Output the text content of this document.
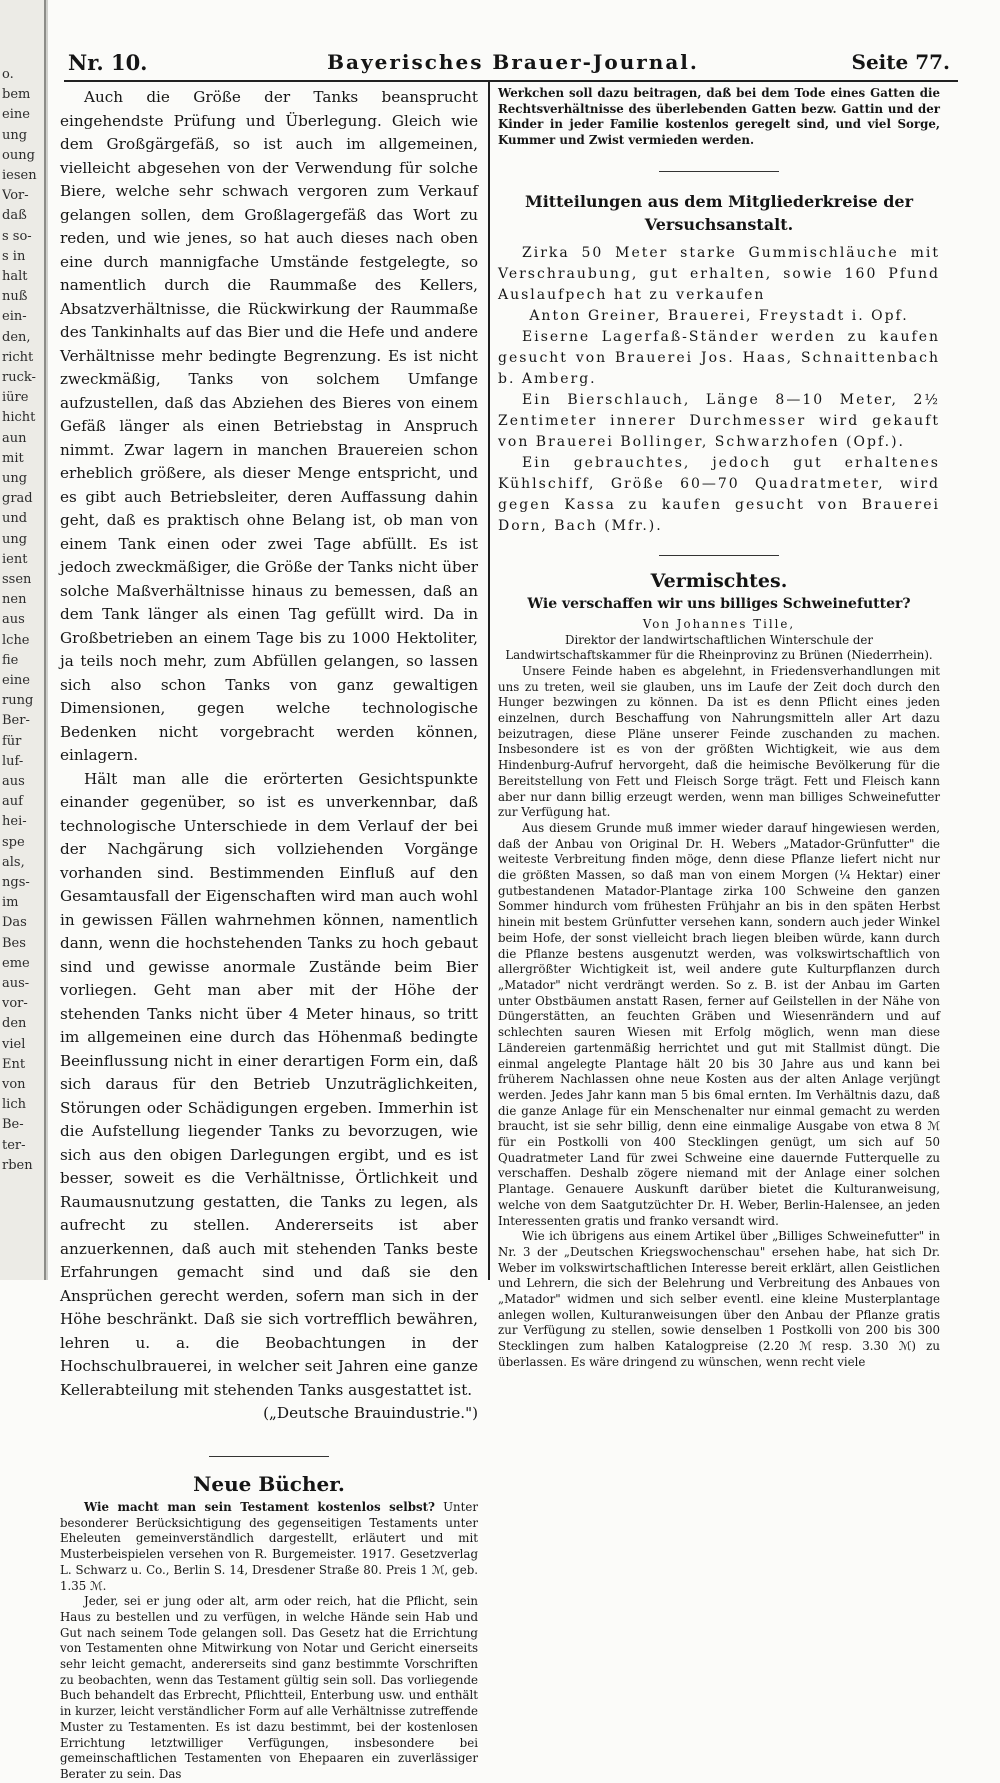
o.
bem
eine
ung
oung
iesen
Vor-
daß
s so-
s in
halt
nuß
ein-
den,
richt
ruck-
iüre
hicht
aun
mit
ung
grad
und
ung
ient
ssen
nen
aus
lche
fie
eine
rung
Ber-
für
luf-
aus
auf
hei-
spe
als,
ngs-
im
Das
Bes
eme
aus-
vor-
den
viel
Ent
von
lich
Be-
ter-
rben
Nr. 10.	Bayerisches Brauer-Journal.	Seite 77.

Auch die Größe der Tanks beansprucht eingehendste Prüfung und Überlegung. Gleich wie dem Großgärgefäß, so ist auch im allgemeinen, vielleicht abgesehen von der Verwendung für solche Biere, welche sehr schwach vergoren zum Verkauf gelangen sollen, dem Großlagergefäß das Wort zu reden, und wie jenes, so hat auch dieses nach oben eine durch mannigfache Umstände festgelegte, so namentlich durch die Raummaße des Kellers, Absatzverhältnisse, die Rückwirkung der Raummaße des Tankinhalts auf das Bier und die Hefe und andere Verhältnisse mehr bedingte Begrenzung. Es ist nicht zweckmäßig, Tanks von solchem Umfange aufzustellen, daß das Abziehen des Bieres von einem Gefäß länger als einen Betriebstag in Anspruch nimmt. Zwar lagern in manchen Brauereien schon erheblich größere, als dieser Menge entspricht, und es gibt auch Betriebsleiter, deren Auffassung dahin geht, daß es praktisch ohne Belang ist, ob man von einem Tank einen oder zwei Tage abfüllt. Es ist jedoch zweckmäßiger, die Größe der Tanks nicht über solche Maßverhältnisse hinaus zu bemessen, daß an dem Tank länger als einen Tag gefüllt wird. Da in Großbetrieben an einem Tage bis zu 1000 Hektoliter, ja teils noch mehr, zum Abfüllen gelangen, so lassen sich also schon Tanks von ganz gewaltigen Dimensionen, gegen welche technologische Bedenken nicht vorgebracht werden können, einlagern.

Hält man alle die erörterten Gesichtspunkte einander gegenüber, so ist es unverkennbar, daß technologische Unterschiede in dem Verlauf der bei der Nachgärung sich vollziehenden Vorgänge vorhanden sind. Bestimmenden Einfluß auf den Gesamtausfall der Eigenschaften wird man auch wohl in gewissen Fällen wahrnehmen können, namentlich dann, wenn die hochstehenden Tanks zu hoch gebaut sind und gewisse anormale Zustände beim Bier vorliegen. Geht man aber mit der Höhe der stehenden Tanks nicht über 4 Meter hinaus, so tritt im allgemeinen eine durch das Höhenmaß bedingte Beeinflussung nicht in einer derartigen Form ein, daß sich daraus für den Betrieb Unzuträglichkeiten, Störungen oder Schädigungen ergeben. Immerhin ist die Aufstellung liegender Tanks zu bevorzugen, wie sich aus den obigen Darlegungen ergibt, und es ist besser, soweit es die Verhältnisse, Örtlichkeit und Raumausnutzung gestatten, die Tanks zu legen, als aufrecht zu stellen. Andererseits ist aber anzuerkennen, daß auch mit stehenden Tanks beste Erfahrungen gemacht sind und daß sie den Ansprüchen gerecht werden, sofern man sich in der Höhe beschränkt. Daß sie sich vortrefflich bewähren, lehren u. a. die Beobachtungen in der Hochschulbrauerei, in welcher seit Jahren eine ganze Kellerabteilung mit stehenden Tanks ausgestattet ist.

(„Deutsche Brauindustrie.")

Neue Bücher.

Wie macht man sein Testament kostenlos selbst? Unter besonderer Berücksichtigung des gegenseitigen Testaments unter Eheleuten gemeinverständlich dargestellt, erläutert und mit Musterbeispielen versehen von R. Burgemeister. 1917. Gesetzverlag L. Schwarz u. Co., Berlin S. 14, Dresdener Straße 80. Preis 1 ℳ, geb. 1.35 ℳ.

Jeder, sei er jung oder alt, arm oder reich, hat die Pflicht, sein Haus zu bestellen und zu verfügen, in welche Hände sein Hab und Gut nach seinem Tode gelangen soll. Das Gesetz hat die Errichtung von Testamenten ohne Mitwirkung von Notar und Gericht einerseits sehr leicht gemacht, andererseits sind ganz bestimmte Vorschriften zu beobachten, wenn das Testament gültig sein soll. Das vorliegende Buch behandelt das Erbrecht, Pflichtteil, Enterbung usw. und enthält in kurzer, leicht verständlicher Form auf alle Verhältnisse zutreffende Muster zu Testamenten. Es ist dazu bestimmt, bei der kostenlosen Errichtung letztwilliger Verfügungen, insbesondere bei gemeinschaftlichen Testamenten von Ehepaaren ein zuverlässiger Berater zu sein. Das

Werkchen soll dazu beitragen, daß bei dem Tode eines Gatten die Rechtsverhältnisse des überlebenden Gatten bezw. Gattin und der Kinder in jeder Familie kostenlos geregelt sind, und viel Sorge, Kummer und Zwist vermieden werden.

Mitteilungen aus dem Mitgliederkreise der Versuchsanstalt.

Zirka 50 Meter starke Gummischläuche mit Verschraubung, gut erhalten, sowie 160 Pfund Auslaufpech hat zu verkaufen

Anton Greiner, Brauerei, Freystadt i. Opf.

Eiserne Lagerfaß-Ständer werden zu kaufen gesucht von Brauerei Jos. Haas, Schnaittenbach b. Amberg.

Ein Bierschlauch, Länge 8—10 Meter, 2½ Zentimeter innerer Durchmesser wird gekauft von Brauerei Bollinger, Schwarzhofen (Opf.).

Ein gebrauchtes, jedoch gut erhaltenes Kühlschiff, Größe 60—70 Quadratmeter, wird gegen Kassa zu kaufen gesucht von Brauerei Dorn, Bach (Mfr.).

Vermischtes.

Wie verschaffen wir uns billiges Schweinefutter?

Von Johannes Tille,

Direktor der landwirtschaftlichen Winterschule der Landwirtschaftskammer für die Rheinprovinz zu Brünen (Niederrhein).

Unsere Feinde haben es abgelehnt, in Friedensverhandlungen mit uns zu treten, weil sie glauben, uns im Laufe der Zeit doch durch den Hunger bezwingen zu können. Da ist es denn Pflicht eines jeden einzelnen, durch Beschaffung von Nahrungsmitteln aller Art dazu beizutragen, diese Pläne unserer Feinde zuschanden zu machen. Insbesondere ist es von der größten Wichtigkeit, wie aus dem Hindenburg-Aufruf hervorgeht, daß die heimische Bevölkerung für die Bereitstellung von Fett und Fleisch Sorge trägt. Fett und Fleisch kann aber nur dann billig erzeugt werden, wenn man billiges Schweinefutter zur Verfügung hat.

Aus diesem Grunde muß immer wieder darauf hingewiesen werden, daß der Anbau von Original Dr. H. Webers „Matador-Grünfutter" die weiteste Verbreitung finden möge, denn diese Pflanze liefert nicht nur die größten Massen, so daß man von einem Morgen (¼ Hektar) einer gutbestandenen Matador-Plantage zirka 100 Schweine den ganzen Sommer hindurch vom frühesten Frühjahr an bis in den späten Herbst hinein mit bestem Grünfutter versehen kann, sondern auch jeder Winkel beim Hofe, der sonst vielleicht brach liegen bleiben würde, kann durch die Pflanze bestens ausgenutzt werden, was volkswirtschaftlich von allergrößter Wichtigkeit ist, weil andere gute Kulturpflanzen durch „Matador" nicht verdrängt werden. So z. B. ist der Anbau im Garten unter Obstbäumen anstatt Rasen, ferner auf Geilstellen in der Nähe von Düngerstätten, an feuchten Gräben und Wiesenrändern und auf schlechten sauren Wiesen mit Erfolg möglich, wenn man diese Ländereien gartenmäßig herrichtet und gut mit Stallmist düngt. Die einmal angelegte Plantage hält 20 bis 30 Jahre aus und kann bei früherem Nachlassen ohne neue Kosten aus der alten Anlage verjüngt werden. Jedes Jahr kann man 5 bis 6mal ernten. Im Verhältnis dazu, daß die ganze Anlage für ein Menschenalter nur einmal gemacht zu werden braucht, ist sie sehr billig, denn eine einmalige Ausgabe von etwa 8 ℳ für ein Postkolli von 400 Stecklingen genügt, um sich auf 50 Quadratmeter Land für zwei Schweine eine dauernde Futterquelle zu verschaffen. Deshalb zögere niemand mit der Anlage einer solchen Plantage. Genauere Auskunft darüber bietet die Kulturanweisung, welche von dem Saatgutzüchter Dr. H. Weber, Berlin-Halensee, an jeden Interessenten gratis und franko versandt wird.

Wie ich übrigens aus einem Artikel über „Billiges Schweinefutter" in Nr. 3 der „Deutschen Kriegswochenschau" ersehen habe, hat sich Dr. Weber im volkswirtschaftlichen Interesse bereit erklärt, allen Geistlichen und Lehrern, die sich der Belehrung und Verbreitung des Anbaues von „Matador" widmen und sich selber eventl. eine kleine Musterplantage anlegen wollen, Kulturanweisungen über den Anbau der Pflanze gratis zur Verfügung zu stellen, sowie denselben 1 Postkolli von 200 bis 300 Stecklingen zum halben Katalogpreise (2.20 ℳ resp. 3.30 ℳ) zu überlassen. Es wäre dringend zu wünschen, wenn recht viele
